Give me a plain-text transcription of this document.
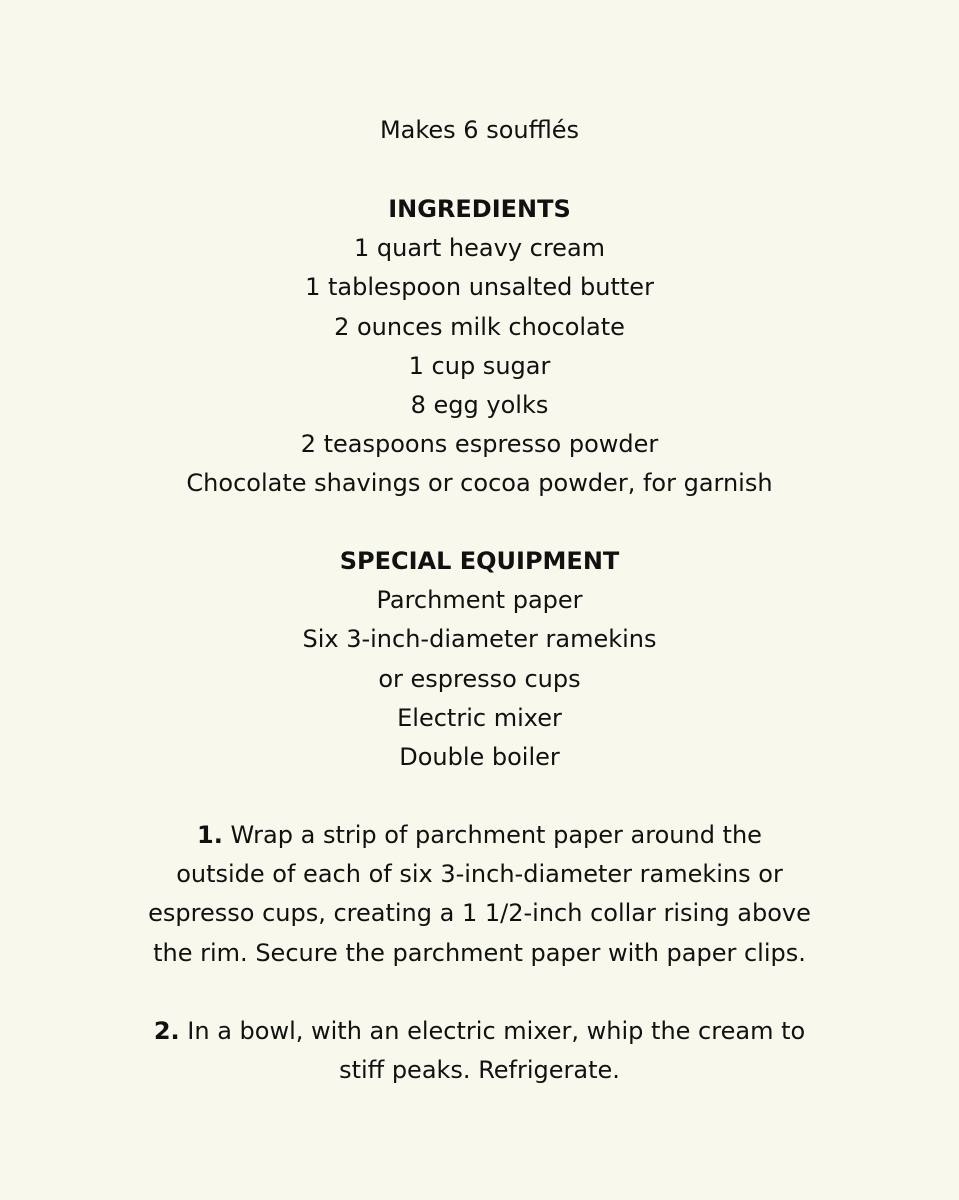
Makes 6 soufflés
INGREDIENTS
1 quart heavy cream
1 tablespoon unsalted butter
2 ounces milk chocolate
1 cup sugar
8 egg yolks
2 teaspoons espresso powder
Chocolate shavings or cocoa powder, for garnish
SPECIAL EQUIPMENT
Parchment paper
Six 3-inch-diameter ramekins
or espresso cups
Electric mixer
Double boiler
1. Wrap a strip of parchment paper around the
outside of each of six 3-inch-diameter ramekins or
espresso cups, creating a 1 1/2-inch collar rising above
the rim. Secure the parchment paper with paper clips.
2. In a bowl, with an electric mixer, whip the cream to
stiff peaks. Refrigerate.
